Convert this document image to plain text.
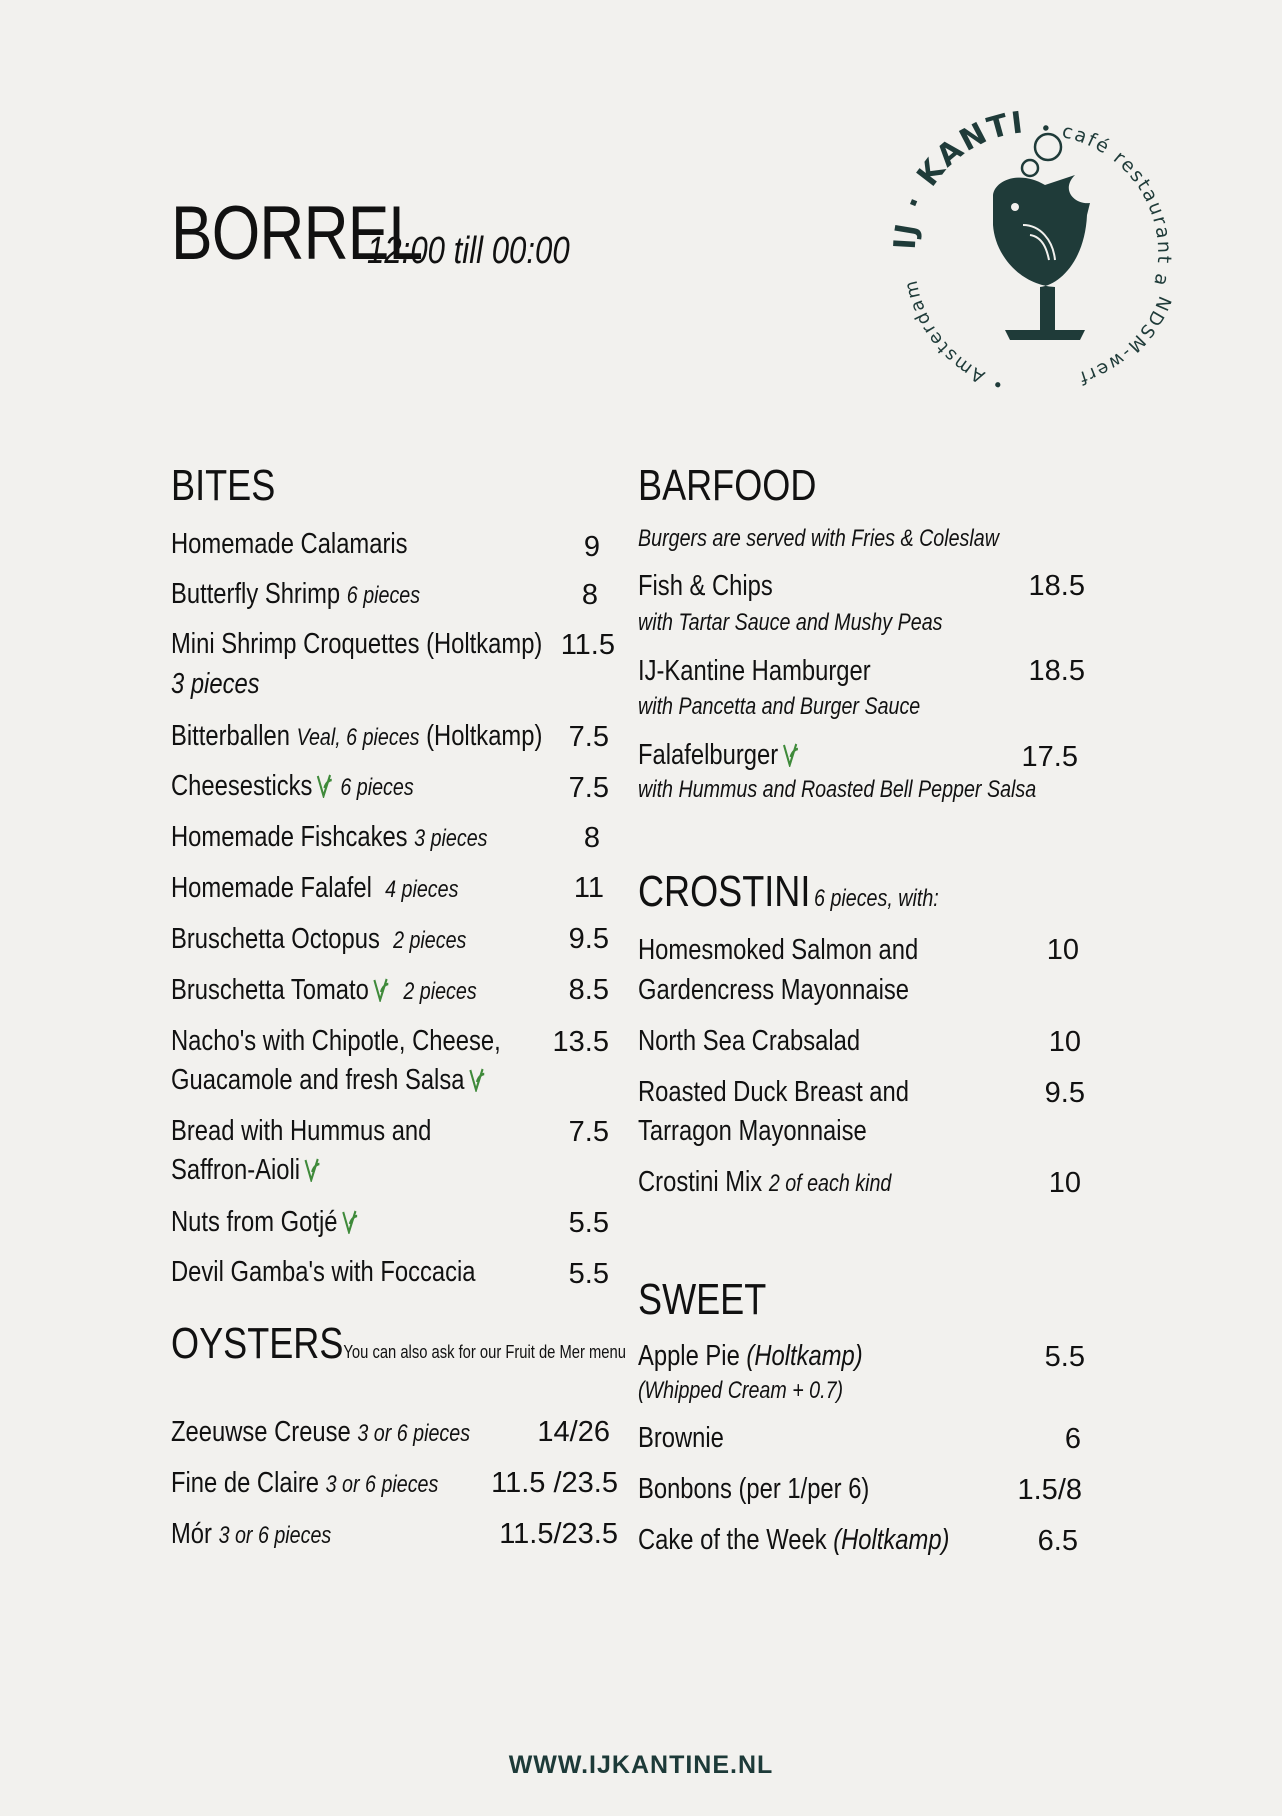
BORREL
12:00 till 00:00	IJ · KANTI • café restaurant a
NDSM-werf
• Amsterdam
BITES
Homemade Calamaris	9
Butterfly Shrimp 6 pieces	8
Mini Shrimp Croquettes (Holtkamp) 11.5
3 pieces
Bitterballen Veal, 6 pieces (Holtkamp) 7.5
Cheesesticks 6 pieces	7.5
Homemade Fishcakes 3 pieces	8
Homemade Falafel 4 pieces	11
Bruschetta Octopus 2 pieces	9.5
Bruschetta Tomato 2 pieces	8.5
Nacho's with Chipotle, Cheese,
Guacamole and fresh Salsa
13.5
Bread with Hummus and
Saffron-Aioli
7.5
Nuts from Gotjé	5.5
Devil Gamba's with Foccacia	5.5
OYSTERSYou can also ask for our Fruit de Mer menu
Zeeuwse Creuse 3 or 6 pieces	14/26
Fine de Claire 3 or 6 pieces	11.5 /23.5
Mór 3 or 6 pieces	11.5/23.5
BARFOOD
Burgers are served with Fries & Coleslaw
Fish & Chips	18.5
with Tartar Sauce and Mushy Peas
IJ-Kantine Hamburger	18.5
with Pancetta and Burger Sauce
Falafelburger	17.5
with Hummus and Roasted Bell Pepper Salsa
CROSTINI 6 pieces, with:
Homesmoked Salmon and
Gardencress Mayonnaise
10
North Sea Crabsalad	10
Roasted Duck Breast and
Tarragon Mayonnaise
9.5
Crostini Mix 2 of each kind	10
SWEET
Apple Pie (Holtkamp)	5.5
(Whipped Cream + 0.7)
Brownie	6
Bonbons (per 1/per 6)	1.5/8
Cake of the Week (Holtkamp)	6.5
WWW.IJKANTINE.NL
